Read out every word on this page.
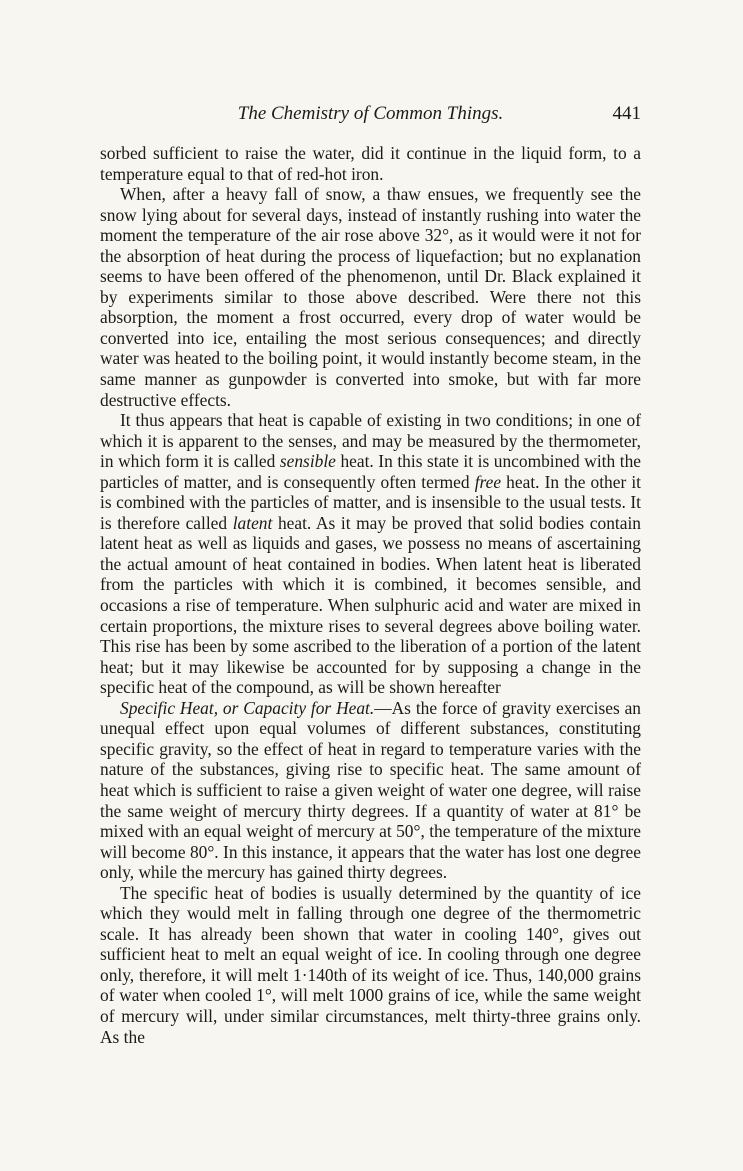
The Chemistry of Common Things.	441

sorbed sufficient to raise the water, did it continue in the liquid form, to a temperature equal to that of red-hot iron.

When, after a heavy fall of snow, a thaw ensues, we frequently see the snow lying about for several days, instead of instantly rushing into water the moment the temperature of the air rose above 32°, as it would were it not for the absorption of heat during the process of liquefaction; but no explanation seems to have been offered of the phenomenon, until Dr. Black explained it by experiments similar to those above described. Were there not this absorption, the moment a frost occurred, every drop of water would be converted into ice, entailing the most serious consequences; and directly water was heated to the boiling point, it would instantly become steam, in the same manner as gunpowder is converted into smoke, but with far more destructive effects.

It thus appears that heat is capable of existing in two conditions; in one of which it is apparent to the senses, and may be measured by the thermometer, in which form it is called sensible heat. In this state it is uncombined with the particles of matter, and is consequently often termed free heat. In the other it is combined with the particles of matter, and is insensible to the usual tests. It is therefore called latent heat. As it may be proved that solid bodies contain latent heat as well as liquids and gases, we possess no means of ascertaining the actual amount of heat contained in bodies. When latent heat is liberated from the particles with which it is combined, it becomes sensible, and occasions a rise of temperature. When sulphuric acid and water are mixed in certain proportions, the mixture rises to several degrees above boiling water. This rise has been by some ascribed to the liberation of a portion of the latent heat; but it may likewise be accounted for by supposing a change in the specific heat of the compound, as will be shown hereafter

Specific Heat, or Capacity for Heat.—As the force of gravity exercises an unequal effect upon equal volumes of different substances, constituting specific gravity, so the effect of heat in regard to temperature varies with the nature of the substances, giving rise to specific heat. The same amount of heat which is sufficient to raise a given weight of water one degree, will raise the same weight of mercury thirty degrees. If a quantity of water at 81° be mixed with an equal weight of mercury at 50°, the temperature of the mixture will become 80°. In this instance, it appears that the water has lost one degree only, while the mercury has gained thirty degrees.

The specific heat of bodies is usually determined by the quantity of ice which they would melt in falling through one degree of the thermometric scale. It has already been shown that water in cooling 140°, gives out sufficient heat to melt an equal weight of ice. In cooling through one degree only, therefore, it will melt 1·140th of its weight of ice. Thus, 140,000 grains of water when cooled 1°, will melt 1000 grains of ice, while the same weight of mercury will, under similar circumstances, melt thirty-three grains only. As the
